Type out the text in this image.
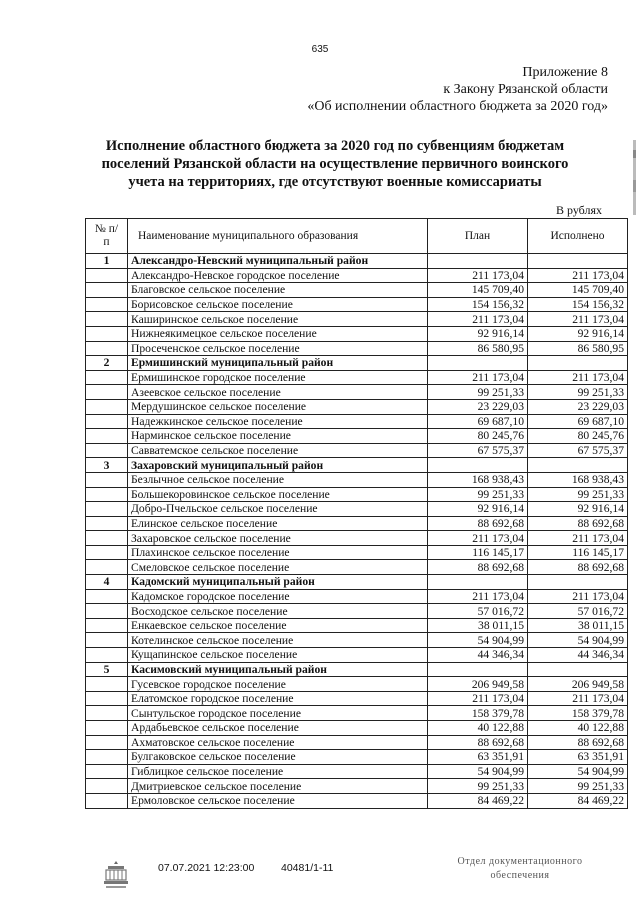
635
Приложение 8
к Закону Рязанской области
«Об исполнении областного бюджета за 2020 год»
Исполнение областного бюджета за 2020 год по субвенциям бюджетам
поселений Рязанской области на осуществление первичного воинского
учета на территориях, где отсутствуют военные комиссариаты
В рублях
№ п/п	Наименование муниципального образования	План	Исполнено
1	Александро-Невский муниципальный район		
	Александро-Невское городское поселение	211 173,04	211 173,04
	Благовское сельское поселение	145 709,40	145 709,40
	Борисовское сельское поселение	154 156,32	154 156,32
	Каширинское сельское поселение	211 173,04	211 173,04
	Нижнеякимецкое сельское поселение	92 916,14	92 916,14
	Просеченское сельское поселение	86 580,95	86 580,95
2	Ермишинский муниципальный район		
	Ермишинское городское поселение	211 173,04	211 173,04
	Азеевское сельское поселение	99 251,33	99 251,33
	Мердушинское сельское поселение	23 229,03	23 229,03
	Надежкинское сельское поселение	69 687,10	69 687,10
	Нарминское сельское поселение	80 245,76	80 245,76
	Савватемское сельское поселение	67 575,37	67 575,37
3	Захаровский муниципальный район		
	Безлычное сельское поселение	168 938,43	168 938,43
	Большекоровинское сельское поселение	99 251,33	99 251,33
	Добро-Пчельское сельское поселение	92 916,14	92 916,14
	Елинское сельское поселение	88 692,68	88 692,68
	Захаровское сельское поселение	211 173,04	211 173,04
	Плахинское сельское поселение	116 145,17	116 145,17
	Смеловское сельское поселение	88 692,68	88 692,68
4	Кадомский муниципальный район		
	Кадомское городское поселение	211 173,04	211 173,04
	Восходское сельское поселение	57 016,72	57 016,72
	Енкаевское сельское поселение	38 011,15	38 011,15
	Котелинское сельское поселение	54 904,99	54 904,99
	Кущапинское сельское поселение	44 346,34	44 346,34
5	Касимовский муниципальный район		
	Гусевское городское поселение	206 949,58	206 949,58
	Елатомское городское поселение	211 173,04	211 173,04
	Сынтульское городское поселение	158 379,78	158 379,78
	Ардабьевское сельское поселение	40 122,88	40 122,88
	Ахматовское сельское поселение	88 692,68	88 692,68
	Булгаковское сельское поселение	63 351,91	63 351,91
	Гиблицкое сельское поселение	54 904,99	54 904,99
	Дмитриевское сельское поселение	99 251,33	99 251,33
	Ермоловское сельское поселение	84 469,22	84 469,22
07.07.2021 12:23:00	40481/1-11
Отдел документационного
обеспечения
